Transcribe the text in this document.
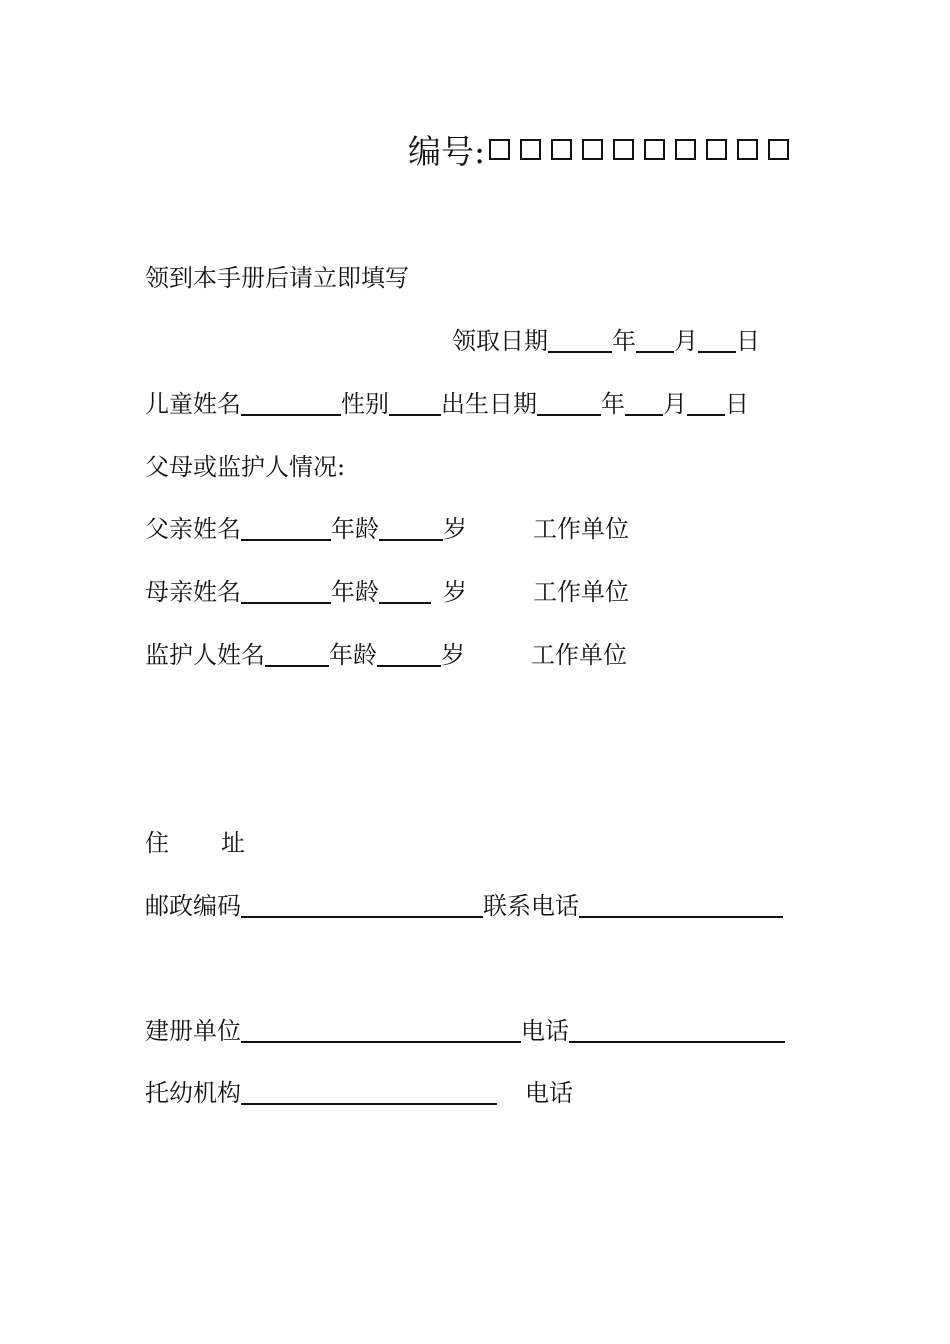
编号:
领到本手册后请立即填写
领取日期	年 月 日
儿童姓名	性别 出生日期	年 月 日
父母或监护人情况:
父亲姓名	年龄	岁	工作单位
母亲姓名	年龄	岁	工作单位
监护人姓名	年龄	岁	工作单位
住 址
邮政编码	联系电话
建册单位	电话
托幼机构	电话
